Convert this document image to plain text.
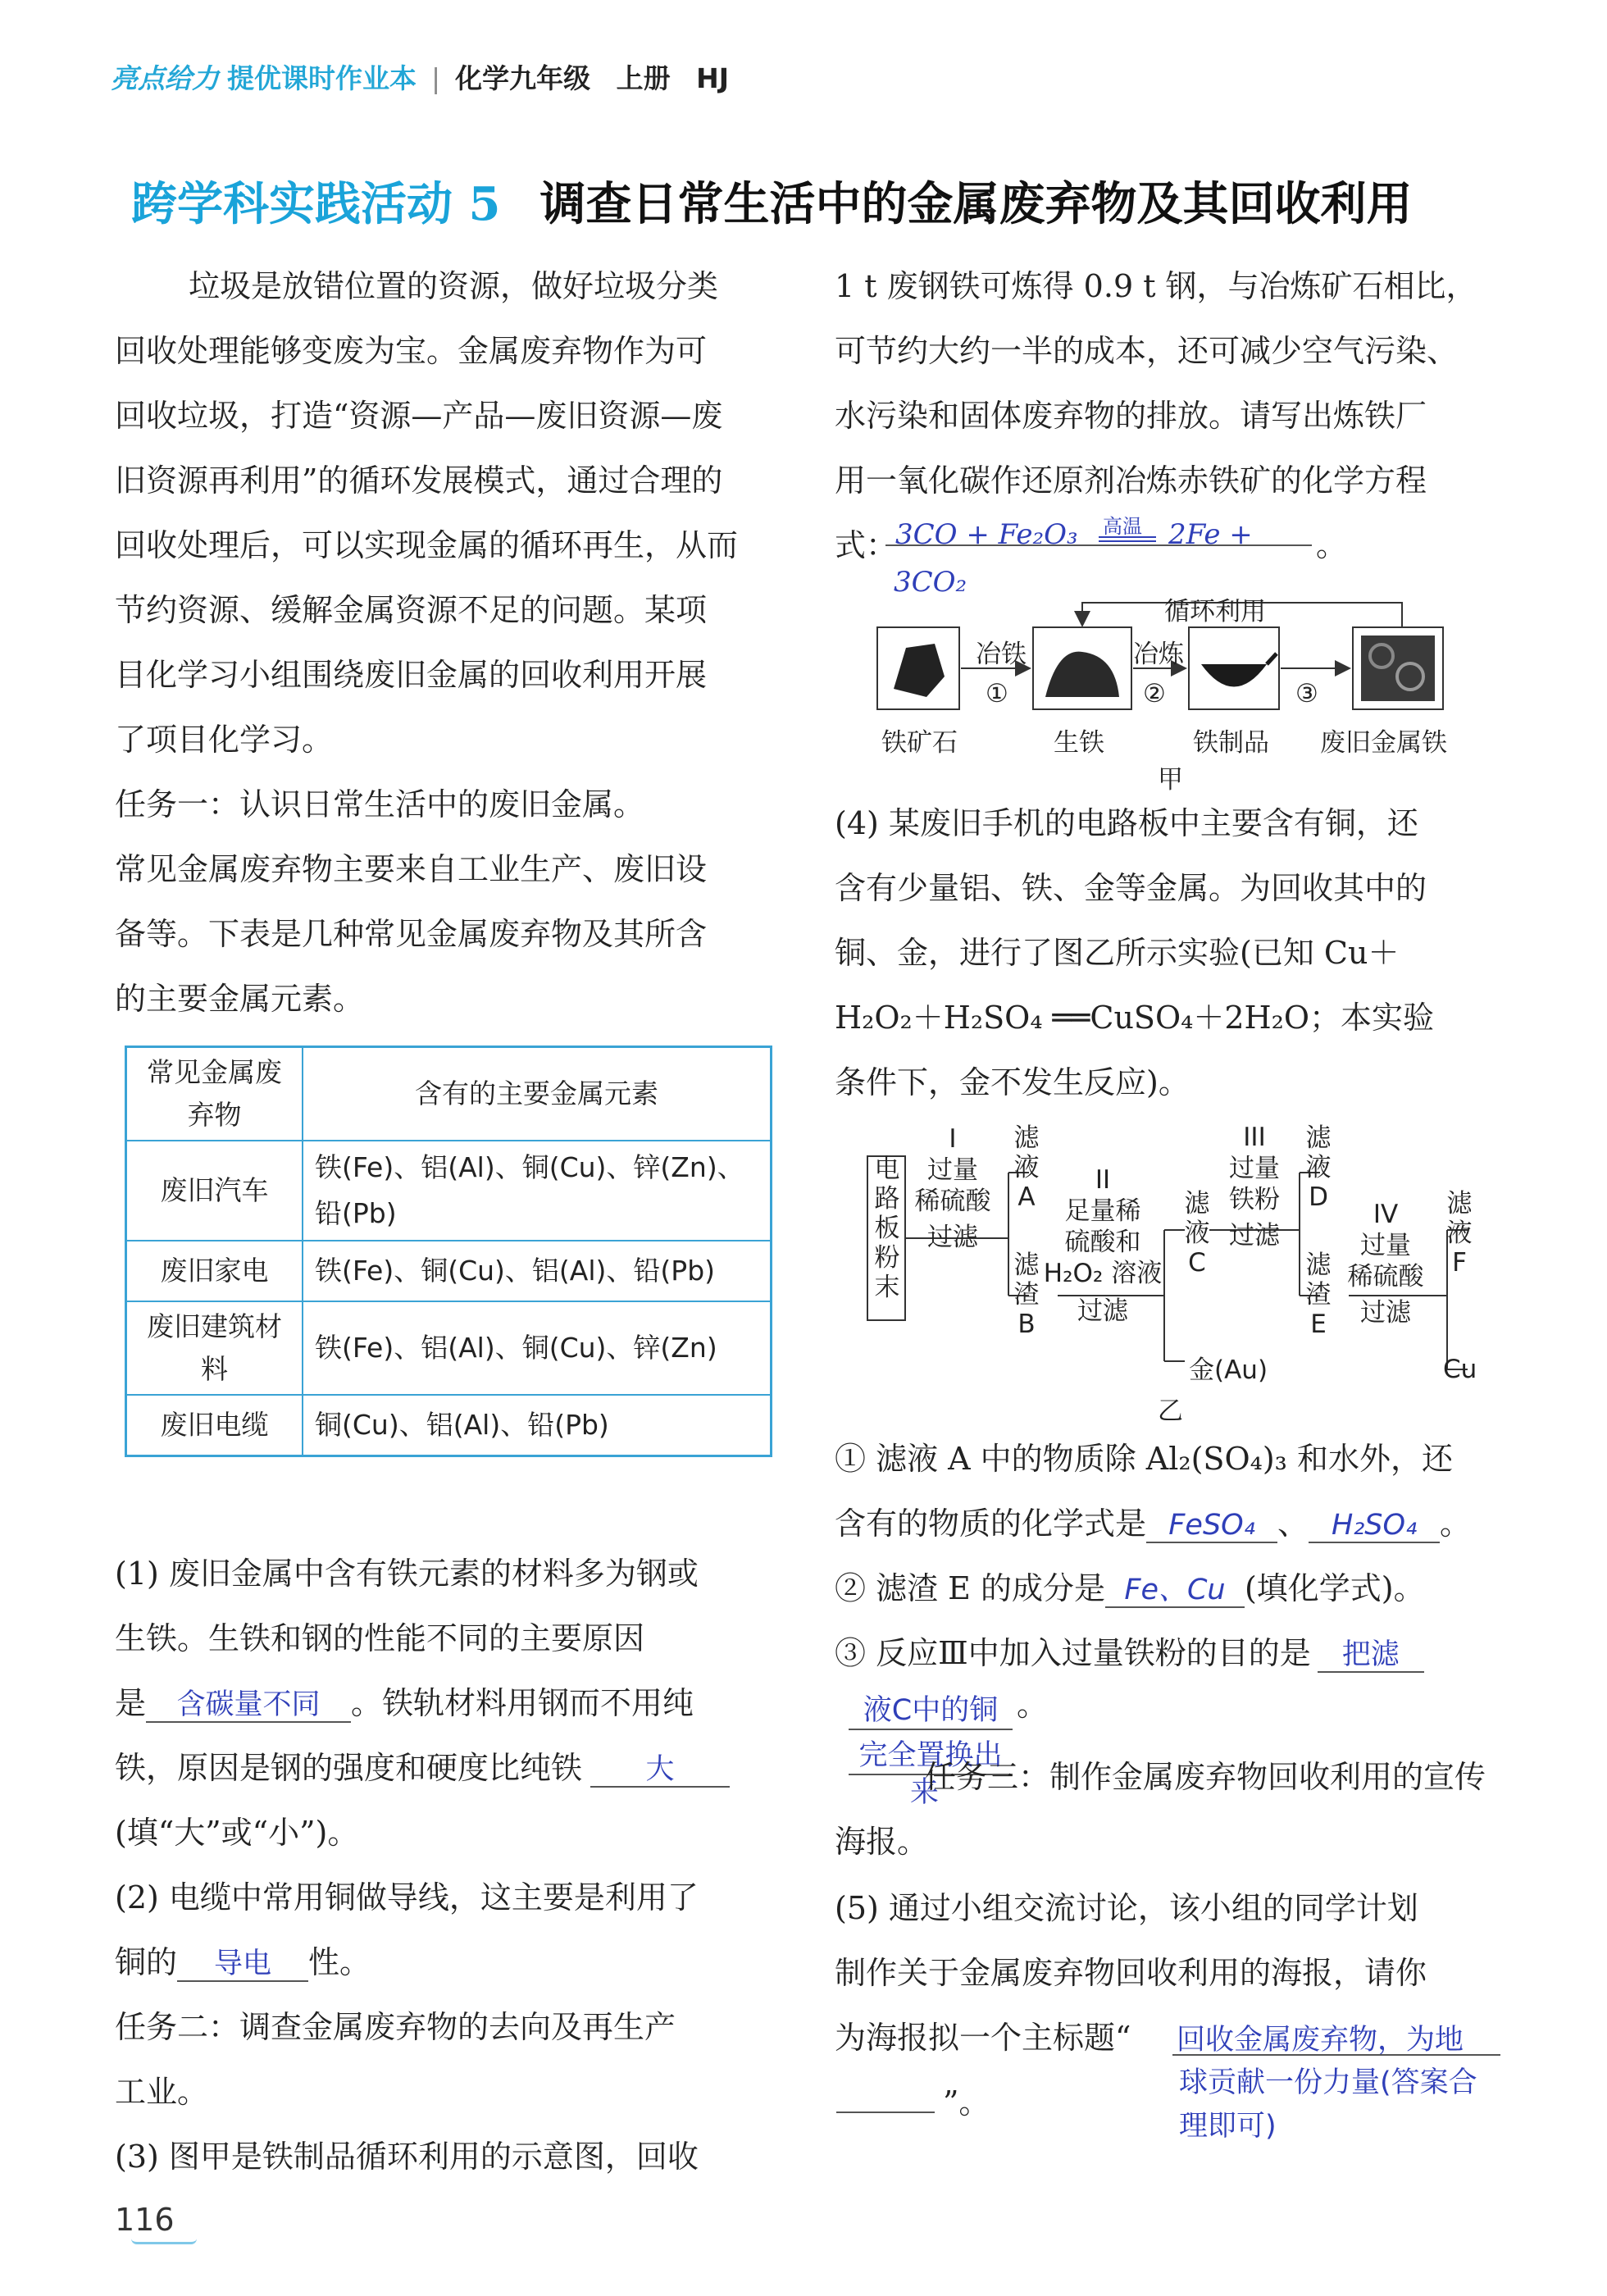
亮点给力 提优课时作业本 | 化学九年级 上册 HJ
跨学科实践活动 5 调查日常生活中的金属废弃物及其回收利用
垃圾是放错位置的资源，做好垃圾分类
回收处理能够变废为宝。金属废弃物作为可
回收垃圾，打造“资源—产品—废旧资源—废
旧资源再利用”的循环发展模式，通过合理的
回收处理后，可以实现金属的循环再生，从而
节约资源、缓解金属资源不足的问题。某项
目化学习小组围绕废旧金属的回收利用开展
了项目化学习。
任务一：认识日常生活中的废旧金属。
常见金属废弃物主要来自工业生产、废旧设
备等。下表是几种常见金属废弃物及其所含
的主要金属元素。
常见金属废弃物	含有的主要金属元素
废旧汽车	铁(Fe)、铝(Al)、铜(Cu)、锌(Zn)、铅(Pb)
废旧家电	铁(Fe)、铜(Cu)、铝(Al)、铅(Pb)
废旧建筑材料	铁(Fe)、铝(Al)、铜(Cu)、锌(Zn)
废旧电缆	铜(Cu)、铝(Al)、铅(Pb)
(1) 废旧金属中含有铁元素的材料多为钢或
生铁。生铁和钢的性能不同的主要原因
是 含碳量不同 。铁轨材料用钢而不用纯
铁，原因是钢的强度和硬度比纯铁 大
(填“大”或“小”)。
(2) 电缆中常用铜做导线，这主要是利用了
铜的 导电 性。
任务二：调查金属废弃物的去向及再生产
工业。
(3) 图甲是铁制品循环利用的示意图，回收
1 t 废钢铁可炼得 0.9 t 钢，与冶炼矿石相比，
可节约大约一半的成本，还可减少空气污染、
水污染和固体废弃物的排放。请写出炼铁厂
用一氧化碳作还原剂冶炼赤铁矿的化学方程
式：
3CO + Fe₂O₃ 高温 2Fe + 。
3CO₂
循环利用
冶铁
①
冶炼
②	③
铁矿石	生铁	铁制品 废旧金属铁
甲
(4) 某废旧手机的电路板中主要含有铜，还
含有少量铝、铁、金等金属。为回收其中的
铜、金，进行了图乙所示实验(已知 Cu＋
H₂O₂＋H₂SO₄ ══CuSO₄＋2H₂O；本实验
条件下，金不发生反应)。
电路板粉末
I
过量
稀硫酸
过滤
滤
液
A
滤
渣
B
II
足量稀
硫酸和
H₂O₂ 溶液
过滤
滤
液
C
金(Au)
III
过量
铁粉
过滤
滤
液
D
滤
渣
E
IV
过量
稀硫酸
过滤
滤
液
F
Cu
乙
① 滤液 A 中的物质除 Al₂(SO₄)₃ 和水外，还
含有的物质的化学式是 FeSO₄ 、 H₂SO₄ 。
② 滤渣 E 的成分是 Fe、Cu (填化学式)。
③ 反应Ⅲ中加入过量铁粉的目的是 把滤
液C中的铜 。
完全置换出
来
任务三：制作金属废弃物回收利用的宣传
海报。
(5) 通过小组交流讨论，该小组的同学计划
制作关于金属废弃物回收利用的海报，请你
为海报拟一个主标题“	回收金属废弃物，为地
球贡献一份力量(答案合
理即可)
”。
116
